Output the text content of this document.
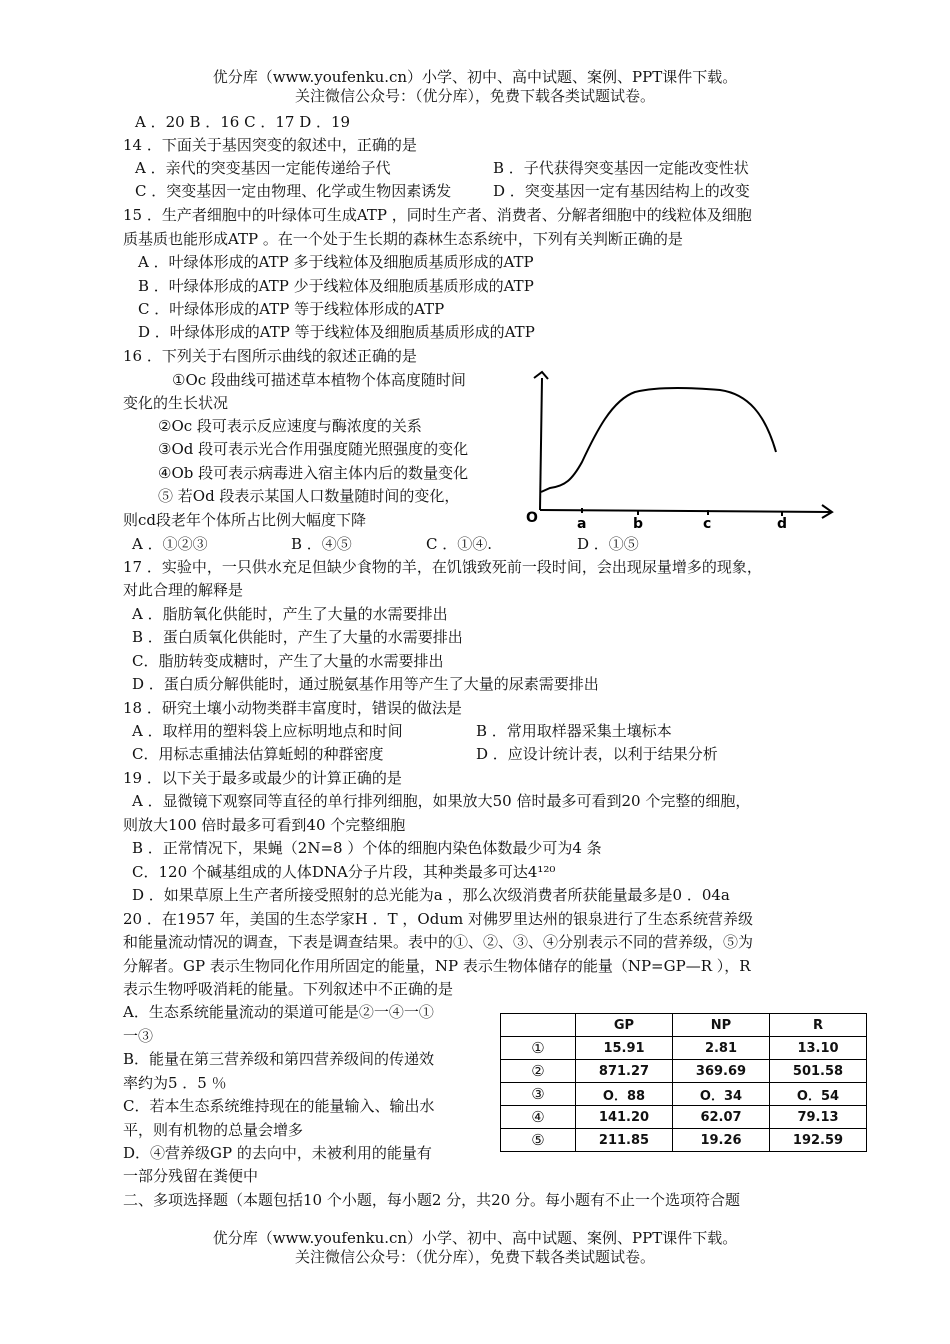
优分库（www.youfenku.cn）小学、初中、高中试题、案例、PPT课件下载。
关注微信公众号：（优分库），免费下载各类试题试卷。
A ．20 B ．16 C ．17 D ．19
14 ．下面关于基因突变的叙述中，正确的是
A ．亲代的突变基因一定能传递给子代	B ．子代获得突变基因一定能改变性状
C ．突变基因一定由物理、化学或生物因素诱发	D ．突变基因一定有基因结构上的改变
15 ．生产者细胞中的叶绿体可生成ATP ，同时生产者、消费者、分解者细胞中的线粒体及细胞
质基质也能形成ATP 。在一个处于生长期的森林生态系统中，下列有关判断正确的是
A ．叶绿体形成的ATP 多于线粒体及细胞质基质形成的ATP
B ．叶绿体形成的ATP 少于线粒体及细胞质基质形成的ATP
C ．叶绿体形成的ATP 等于线粒体形成的ATP
D ．叶绿体形成的ATP 等于线粒体及细胞质基质形成的ATP
16 ．下列关于右图所示曲线的叙述正确的是
①Oc 段曲线可描述草本植物个体高度随时间
变化的生长状况
②Oc 段可表示反应速度与酶浓度的关系
③Od 段可表示光合作用强度随光照强度的变化
④Ob 段可表示病毒进入宿主体内后的数量变化
⑤ 若Od 段表示某国人口数量随时间的变化，
则cd段老年个体所占比例大幅度下降
A ．①②③	B ．④⑤	C ．①④.	D ．①⑤
17 ．实验中，一只供水充足但缺少食物的羊，在饥饿致死前一段时间，会出现尿量增多的现象，
对此合理的解释是
A ．脂肪氧化供能时，产生了大量的水需要排出
B ．蛋白质氧化供能时，产生了大量的水需要排出
C．脂肪转变成糖时，产生了大量的水需要排出
D ．蛋白质分解供能时，通过脱氨基作用等产生了大量的尿素需要排出
18 ．研究土壤小动物类群丰富度时，错误的做法是
A ．取样用的塑料袋上应标明地点和时间	B ．常用取样器采集土壤标本
C．用标志重捕法估算蚯蚓的种群密度	D ．应设计统计表，以利于结果分析
19 ．以下关于最多或最少的计算正确的是
A ．显微镜下观察同等直径的单行排列细胞，如果放大50 倍时最多可看到20 个完整的细胞，
则放大100 倍时最多可看到40 个完整细胞
B ．正常情况下，果蝇（2N=8 ）个体的细胞内染色体数最少可为4 条
C．120 个碱基组成的人体DNA分子片段，其种类最多可达4¹²⁰
D ．如果草原上生产者所接受照射的总光能为a ，那么次级消费者所获能量最多是0 ．04a
20 ．在1957 年，美国的生态学家H ．T ，Odum 对佛罗里达州的银泉进行了生态系统营养级
和能量流动情况的调查，下表是调查结果。表中的①、②、③、④分别表示不同的营养级，⑤为
分解者。GP 表示生物同化作用所固定的能量，NP 表示生物体储存的能量（NP=GP—R ），R
表示生物呼吸消耗的能量。下列叙述中不正确的是
A．生态系统能量流动的渠道可能是②一④一①
一③
B．能量在第三营养级和第四营养级间的传递效
率约为5 ．5 ％
C．若本生态系统维持现在的能量输入、输出水
平，则有机物的总量会增多
D．④营养级GP 的去向中，未被利用的能量有
一部分残留在粪便中
二、多项选择题（本题包括10 个小题，每小题2 分，共20 分。每小题有不止一个选项符合题
O	a	b	c	d
	GP	NP	R
①	15.91	2.81	13.10
②	871.27	369.69	501.58
③	O．88	O．34	O．54
④	141.20	62.07	79.13
⑤	211.85	19.26	192.59
优分库（www.youfenku.cn）小学、初中、高中试题、案例、PPT课件下载。
关注微信公众号：（优分库），免费下载各类试题试卷。
